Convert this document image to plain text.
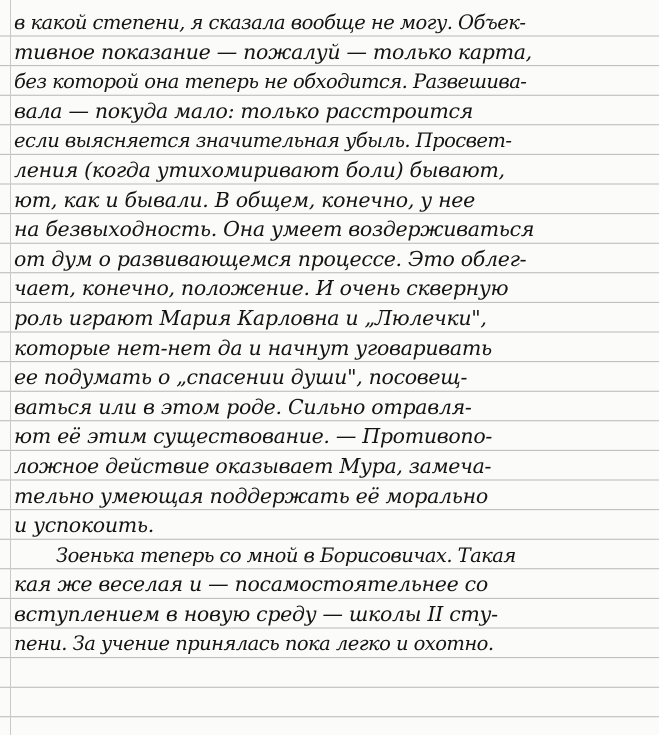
в какой степени, я сказала вообще не могу. Объек-
тивное показание — пожалуй — только карта,
без которой она теперь не обходится. Развешива-
вала — покуда мало: только расстроится
если выясняется значительная убыль. Просвет-
ления (когда утихомиривают боли) бывают,
ют, как и бывали. В общем, конечно, у нее
на безвыходность. Она умеет воздерживаться
от дум о развивающемся процессе. Это облег-
чает, конечно, положение. И очень скверную
роль играют Мария Карловна и „Люлечки",
которые нет-нет да и начнут уговаривать
ее подумать о „спасении души", посовещ-
ваться или в этом роде. Сильно отравля-
ют её этим существование. — Противопо-
ложное действие оказывает Мура, замеча-
тельно умеющая поддержать её морально
и успокоить.
Зоенька теперь со мной в Борисовичах. Такая
кая же веселая и — посамостоятельнее со
вступлением в новую среду — школы II сту-
пени. За учение принялась пока легко и охотно.
